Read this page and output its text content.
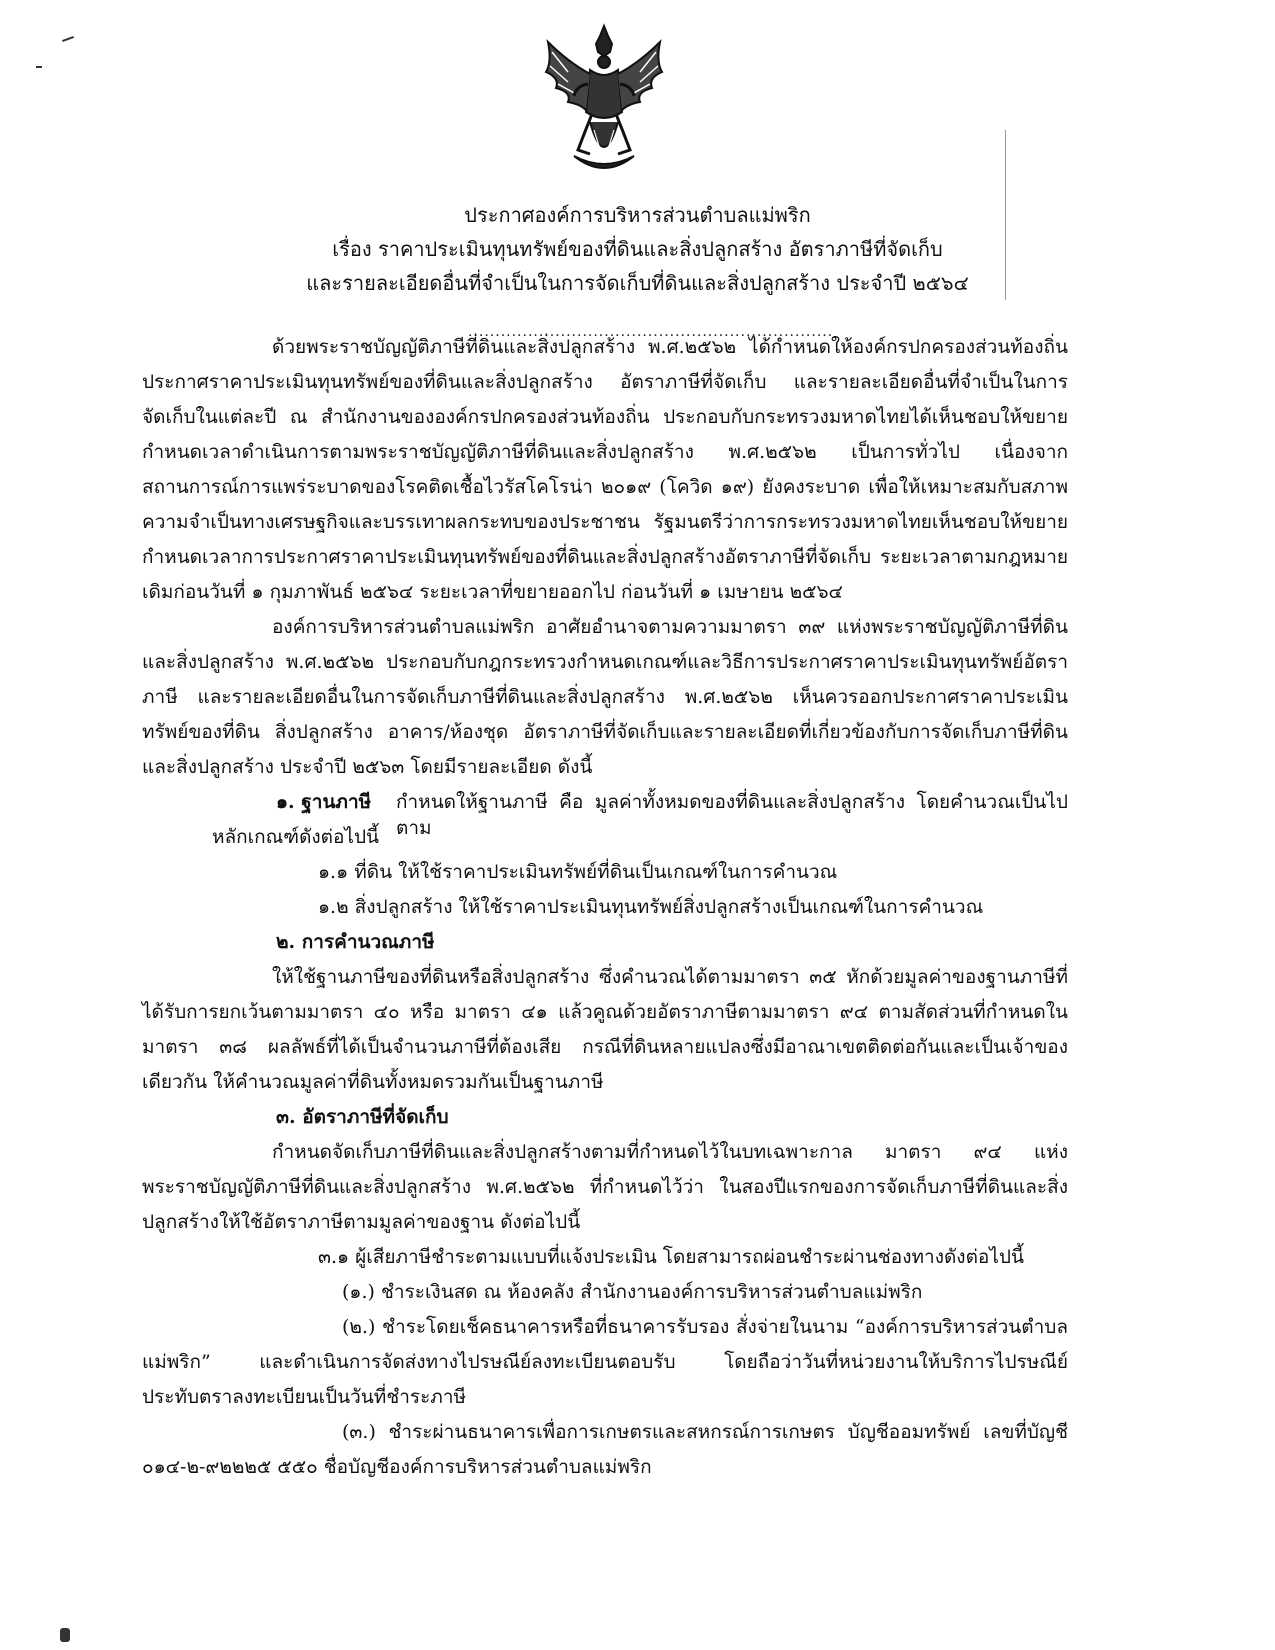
ประกาศองค์การบริหารส่วนตำบลแม่พริก
เรื่อง ราคาประเมินทุนทรัพย์ของที่ดินและสิ่งปลูกสร้าง อัตราภาษีที่จัดเก็บ
และรายละเอียดอื่นที่จำเป็นในการจัดเก็บที่ดินและสิ่งปลูกสร้าง ประจำปี ๒๕๖๔
...................................................................
ด้วยพระราชบัญญัติภาษีที่ดินและสิ่งปลูกสร้าง พ.ศ.๒๕๖๒ ได้กำหนดให้องค์กรปกครองส่วนท้องถิ่น
ประกาศราคาประเมินทุนทรัพย์ของที่ดินและสิ่งปลูกสร้าง อัตราภาษีที่จัดเก็บ และรายละเอียดอื่นที่จำเป็นในการ
จัดเก็บในแต่ละปี ณ สำนักงานขององค์กรปกครองส่วนท้องถิ่น ประกอบกับกระทรวงมหาดไทยได้เห็นชอบให้ขยาย
กำหนดเวลาดำเนินการตามพระราชบัญญัติภาษีที่ดินและสิ่งปลูกสร้าง พ.ศ.๒๕๖๒ เป็นการทั่วไป เนื่องจาก
สถานการณ์การแพร่ระบาดของโรคติดเชื้อไวรัสโคโรน่า ๒๐๑๙ (โควิด ๑๙) ยังคงระบาด เพื่อให้เหมาะสมกับสภาพ
ความจำเป็นทางเศรษฐกิจและบรรเทาผลกระทบของประชาชน รัฐมนตรีว่าการกระทรวงมหาดไทยเห็นชอบให้ขยาย
กำหนดเวลาการประกาศราคาประเมินทุนทรัพย์ของที่ดินและสิ่งปลูกสร้างอัตราภาษีที่จัดเก็บ ระยะเวลาตามกฎหมาย
เดิมก่อนวันที่ ๑ กุมภาพันธ์ ๒๕๖๔ ระยะเวลาที่ขยายออกไป ก่อนวันที่ ๑ เมษายน ๒๕๖๔
องค์การบริหารส่วนตำบลแม่พริก อาศัยอำนาจตามความมาตรา ๓๙ แห่งพระราชบัญญัติภาษีที่ดิน
และสิ่งปลูกสร้าง พ.ศ.๒๕๖๒ ประกอบกับกฎกระทรวงกำหนดเกณฑ์และวิธีการประกาศราคาประเมินทุนทรัพย์อัตรา
ภาษี และรายละเอียดอื่นในการจัดเก็บภาษีที่ดินและสิ่งปลูกสร้าง พ.ศ.๒๕๖๒ เห็นควรออกประกาศราคาประเมิน
ทรัพย์ของที่ดิน สิ่งปลูกสร้าง อาคาร/ห้องชุด อัตราภาษีที่จัดเก็บและรายละเอียดที่เกี่ยวข้องกับการจัดเก็บภาษีที่ดิน
และสิ่งปลูกสร้าง ประจำปี ๒๕๖๓ โดยมีรายละเอียด ดังนี้
๑. ฐานภาษี กำหนดให้ฐานภาษี คือ มูลค่าทั้งหมดของที่ดินและสิ่งปลูกสร้าง โดยคำนวณเป็นไปตาม
หลักเกณฑ์ดังต่อไปนี้
๑.๑ ที่ดิน ให้ใช้ราคาประเมินทรัพย์ที่ดินเป็นเกณฑ์ในการคำนวณ
๑.๒ สิ่งปลูกสร้าง ให้ใช้ราคาประเมินทุนทรัพย์สิ่งปลูกสร้างเป็นเกณฑ์ในการคำนวณ
๒. การคำนวณภาษี
ให้ใช้ฐานภาษีของที่ดินหรือสิ่งปลูกสร้าง ซึ่งคำนวณได้ตามมาตรา ๓๕ หักด้วยมูลค่าของฐานภาษีที่
ได้รับการยกเว้นตามมาตรา ๔๐ หรือ มาตรา ๔๑ แล้วคูณด้วยอัตราภาษีตามมาตรา ๙๔ ตามสัดส่วนที่กำหนดใน
มาตรา ๓๘ ผลลัพธ์ที่ได้เป็นจำนวนภาษีที่ต้องเสีย กรณีที่ดินหลายแปลงซึ่งมีอาณาเขตติดต่อกันและเป็นเจ้าของ
เดียวกัน ให้คำนวณมูลค่าที่ดินทั้งหมดรวมกันเป็นฐานภาษี
๓. อัตราภาษีที่จัดเก็บ
กำหนดจัดเก็บภาษีที่ดินและสิ่งปลูกสร้างตามที่กำหนดไว้ในบทเฉพาะกาล มาตรา ๙๔ แห่ง
พระราชบัญญัติภาษีที่ดินและสิ่งปลูกสร้าง พ.ศ.๒๕๖๒ ที่กำหนดไว้ว่า ในสองปีแรกของการจัดเก็บภาษีที่ดินและสิ่ง
ปลูกสร้างให้ใช้อัตราภาษีตามมูลค่าของฐาน ดังต่อไปนี้
๓.๑ ผู้เสียภาษีชำระตามแบบที่แจ้งประเมิน โดยสามารถผ่อนชำระผ่านช่องทางดังต่อไปนี้
(๑.) ชำระเงินสด ณ ห้องคลัง สำนักงานองค์การบริหารส่วนตำบลแม่พริก
(๒.) ชำระโดยเช็คธนาคารหรือที่ธนาคารรับรอง สั่งจ่ายในนาม “องค์การบริหารส่วนตำบล
แม่พริก” และดำเนินการจัดส่งทางไปรษณีย์ลงทะเบียนตอบรับ โดยถือว่าวันที่หน่วยงานให้บริการไปรษณีย์
ประทับตราลงทะเบียนเป็นวันที่ชำระภาษี
(๓.) ชำระผ่านธนาคารเพื่อการเกษตรและสหกรณ์การเกษตร บัญชีออมทรัพย์ เลขที่บัญชี
๐๑๔-๒-๙๒๒๒๕ ๕๕๐ ชื่อบัญชีองค์การบริหารส่วนตำบลแม่พริก
